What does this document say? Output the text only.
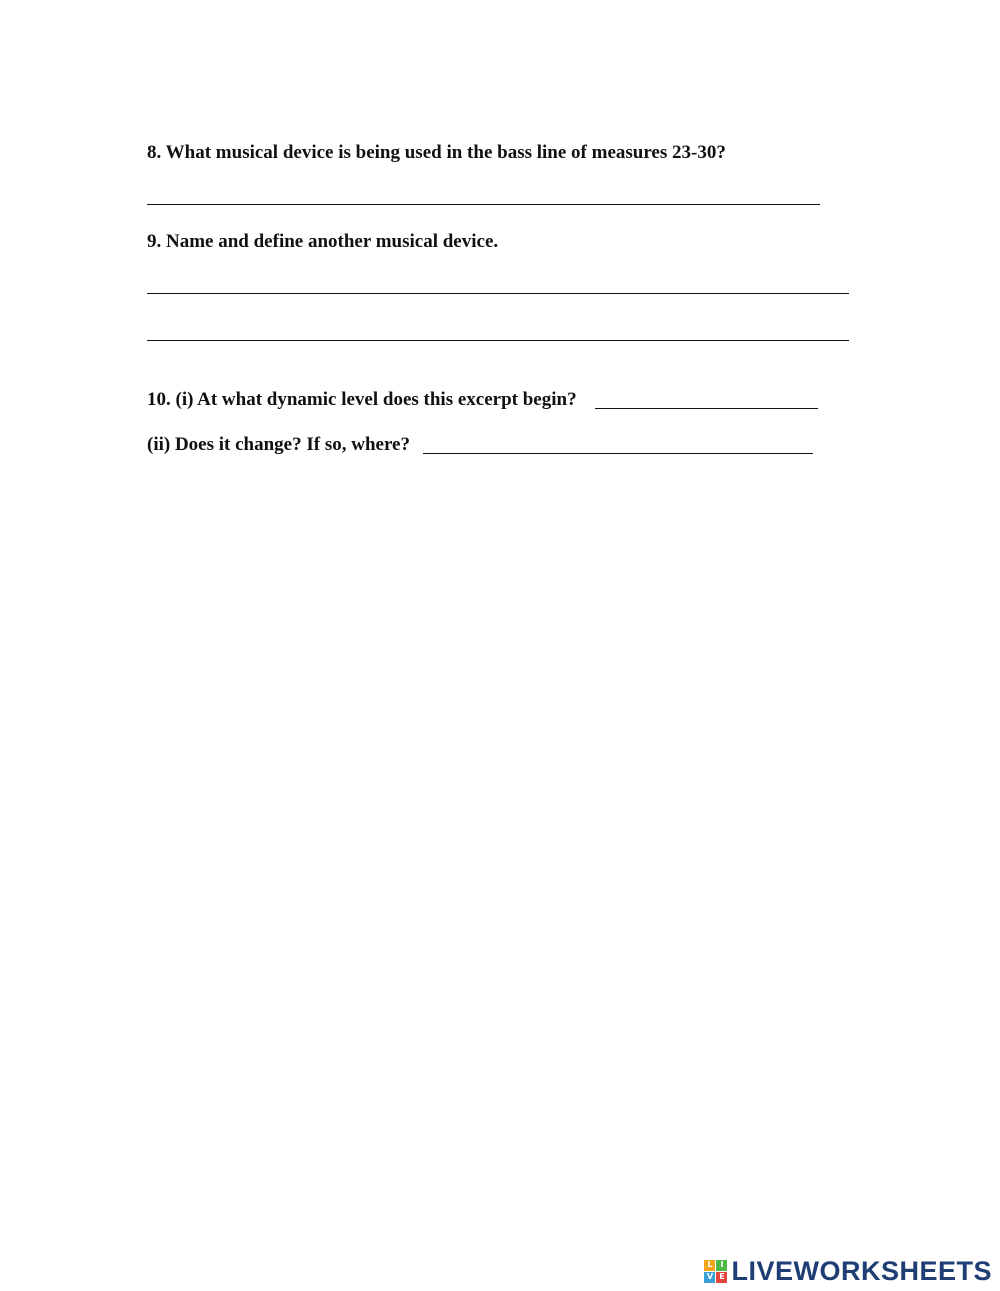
8. What musical device is being used in the bass line of measures 23-30?
9. Name and define another musical device.
10. (i) At what dynamic level does this excerpt begin?
(ii) Does it change? If so, where?
L I
V E LIVEWORKSHEETS
